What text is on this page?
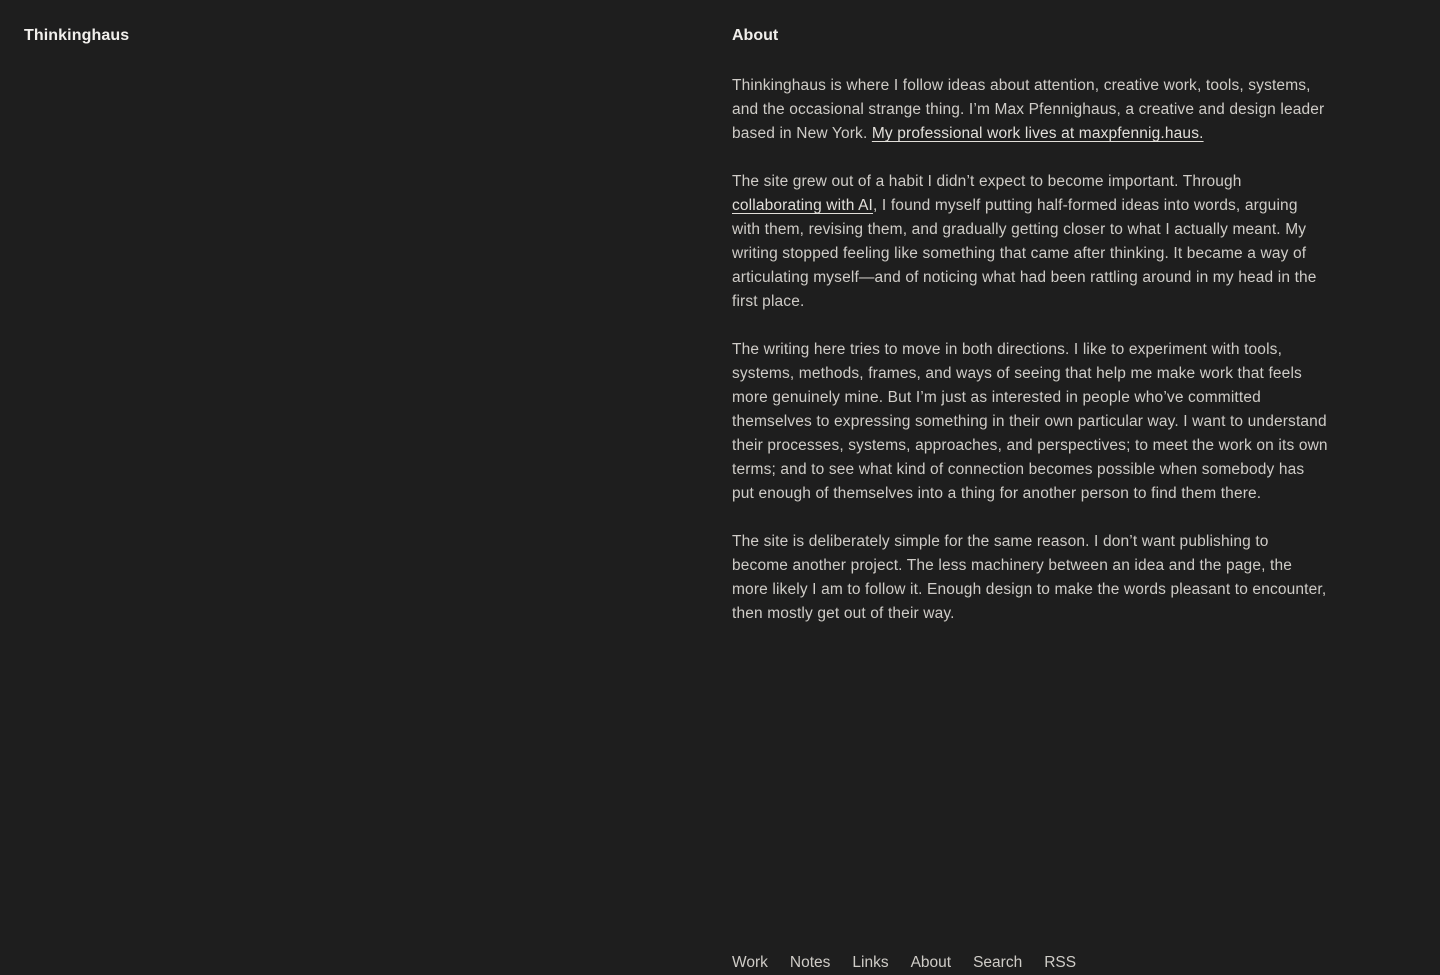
Thinkinghaus	About

Thinkinghaus is where I follow ideas about attention, creative work, tools, systems, and the occasional strange thing. I’m Max Pfennighaus, a creative and design leader based in New York. My professional work lives at maxpfennig.haus.

The site grew out of a habit I didn’t expect to become important. Through collaborating with AI, I found myself putting half-formed ideas into words, arguing with them, revising them, and gradually getting closer to what I actually meant. My writing stopped feeling like something that came after thinking. It became a way of articulating myself—and of noticing what had been rattling around in my head in the first place.

The writing here tries to move in both directions. I like to experiment with tools, systems, methods, frames, and ways of seeing that help me make work that feels more genuinely mine. But I’m just as interested in people who’ve committed themselves to expressing something in their own particular way. I want to understand their processes, systems, approaches, and perspectives; to meet the work on its own terms; and to see what kind of connection becomes possible when somebody has put enough of themselves into a thing for another person to find them there.

The site is deliberately simple for the same reason. I don’t want publishing to become another project. The less machinery between an idea and the page, the more likely I am to follow it. Enough design to make the words pleasant to encounter, then mostly get out of their way.

Work Notes Links About Search RSS
